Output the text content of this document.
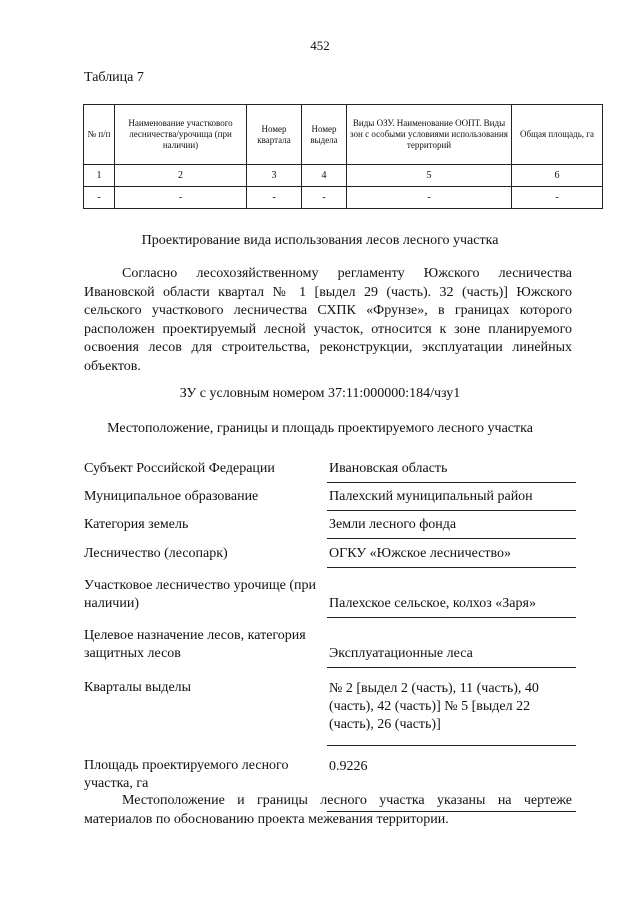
452
Таблица 7
№ п/п	Наименование участкового лесничества/урочища (при наличии)	Номер квартала	Номер выдела	Виды ОЗУ. Наименование ООПТ. Виды зон с особыми условиями использования территорий	Общая площадь, га
1	2	3	4	5	6
-	-	-	-	-	-
Проектирование вида использования лесов лесного участка

Согласно лесохозяйственному регламенту Южского лесничества Ивановской области квартал № 1 [выдел 29 (часть). 32 (часть)] Южского сельского участкового лесничества СХПК «Фрунзе», в границах которого расположен проектируемый лесной участок, относится к зоне планируемого освоения лесов для строительства, реконструкции, эксплуатации линейных объектов.

ЗУ с условным номером 37:11:000000:184/чзу1
Местоположение, границы и площадь проектируемого лесного участка
Субъект Российской Федерации	Ивановская область
Муниципальное образование	Палехский муниципальный район
Категория земель	Земли лесного фонда
Лесничество (лесопарк)	ОГКУ «Южское лесничество»
Участковое лесничество урочище (при наличии)	Палехское сельское, колхоз «Заря»
Целевое назначение лесов, категория защитных лесов	Эксплуатационные леса
Кварталы выделы	№ 2 [выдел 2 (часть), 11 (часть), 40 (часть), 42 (часть)] № 5 [выдел 22 (часть), 26 (часть)]
Площадь проектируемого лесного участка, га	0.9226

Местоположение и границы лесного участка указаны на чертеже материалов по обоснованию проекта межевания территории.
